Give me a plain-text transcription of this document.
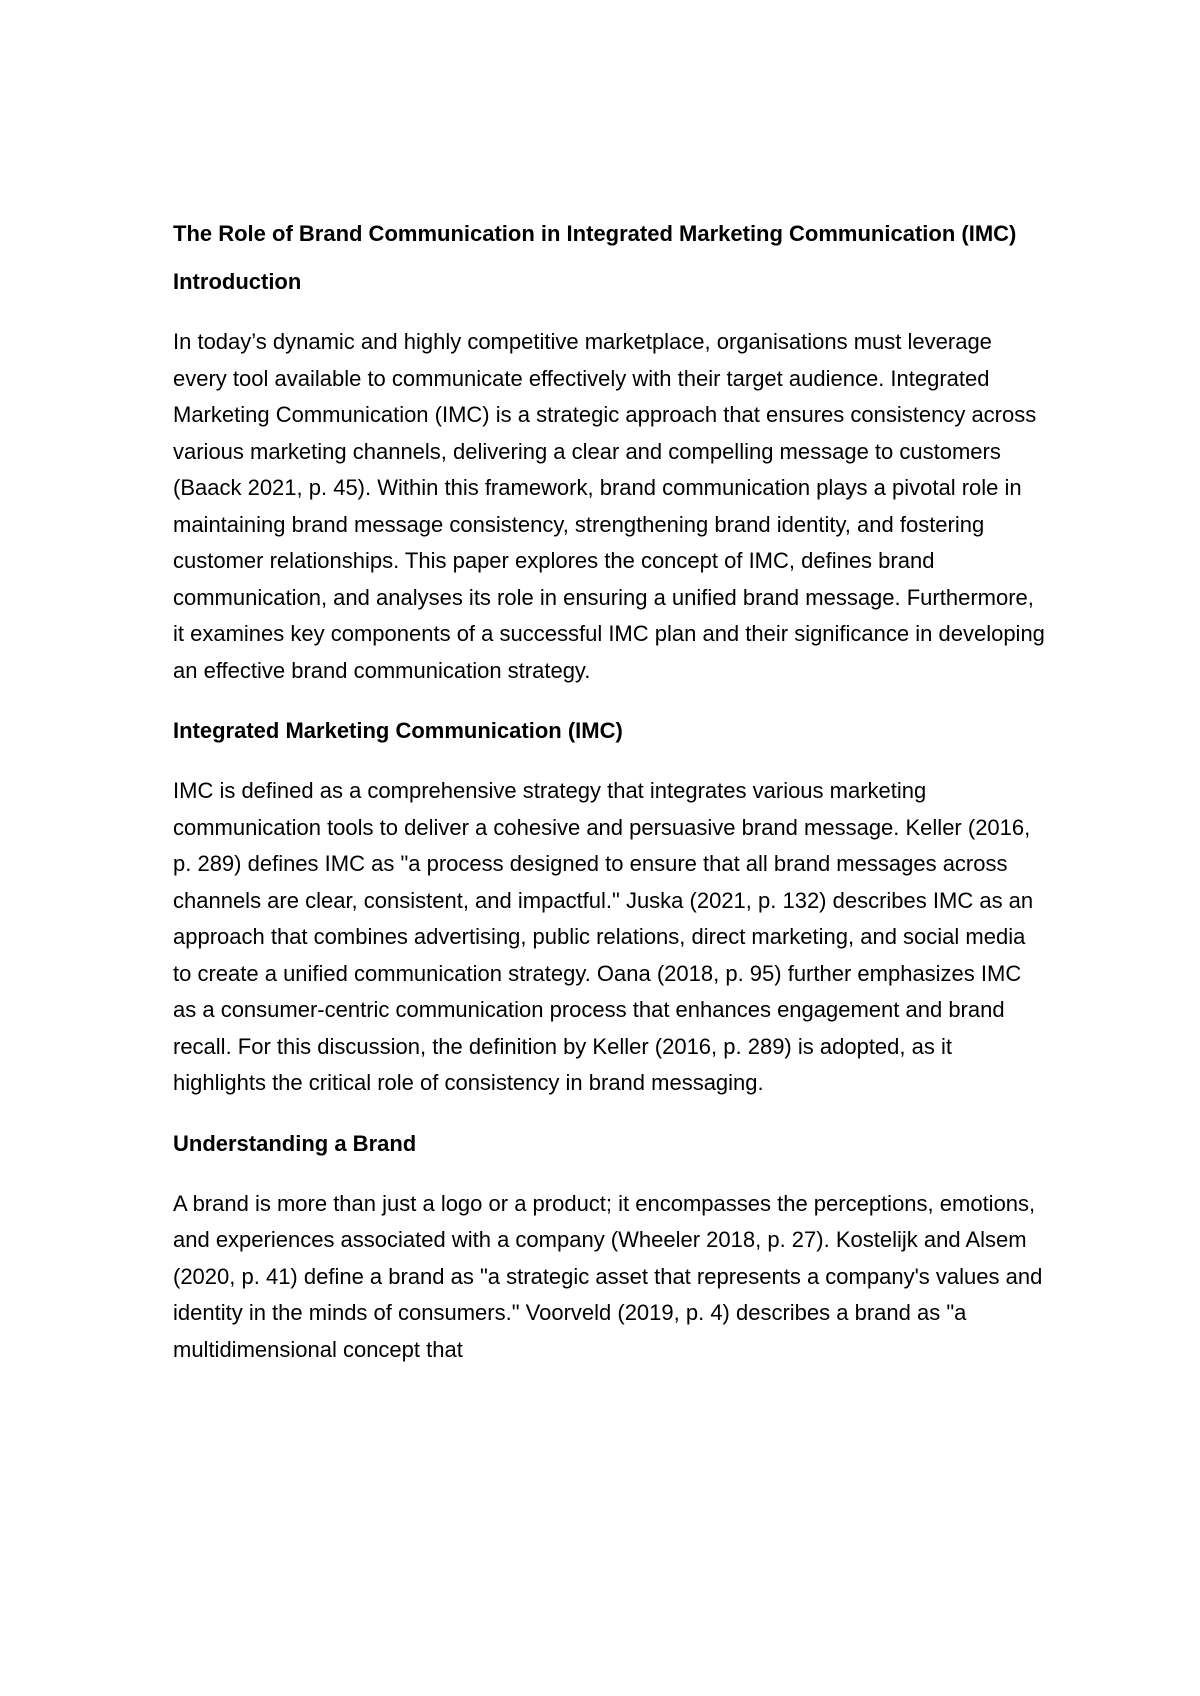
The Role of Brand Communication in Integrated Marketing Communication (IMC)
Introduction

In today’s dynamic and highly competitive marketplace, organisations must leverage every tool available to communicate effectively with their target audience. Integrated Marketing Communication (IMC) is a strategic approach that ensures consistency across various marketing channels, delivering a clear and compelling message to customers (Baack 2021, p. 45). Within this framework, brand communication plays a pivotal role in maintaining brand message consistency, strengthening brand identity, and fostering customer relationships. This paper explores the concept of IMC, defines brand communication, and analyses its role in ensuring a unified brand message. Furthermore, it examines key components of a successful IMC plan and their significance in developing an effective brand communication strategy.

Integrated Marketing Communication (IMC)

IMC is defined as a comprehensive strategy that integrates various marketing communication tools to deliver a cohesive and persuasive brand message. Keller (2016, p. 289) defines IMC as "a process designed to ensure that all brand messages across channels are clear, consistent, and impactful." Juska (2021, p. 132) describes IMC as an approach that combines advertising, public relations, direct marketing, and social media to create a unified communication strategy. Oana (2018, p. 95) further emphasizes IMC as a consumer-centric communication process that enhances engagement and brand recall. For this discussion, the definition by Keller (2016, p. 289) is adopted, as it highlights the critical role of consistency in brand messaging.

Understanding a Brand

A brand is more than just a logo or a product; it encompasses the perceptions, emotions, and experiences associated with a company (Wheeler 2018, p. 27). Kostelijk and Alsem (2020, p. 41) define a brand as "a strategic asset that represents a company's values and identity in the minds of consumers." Voorveld (2019, p. 4) describes a brand as "a multidimensional concept that
